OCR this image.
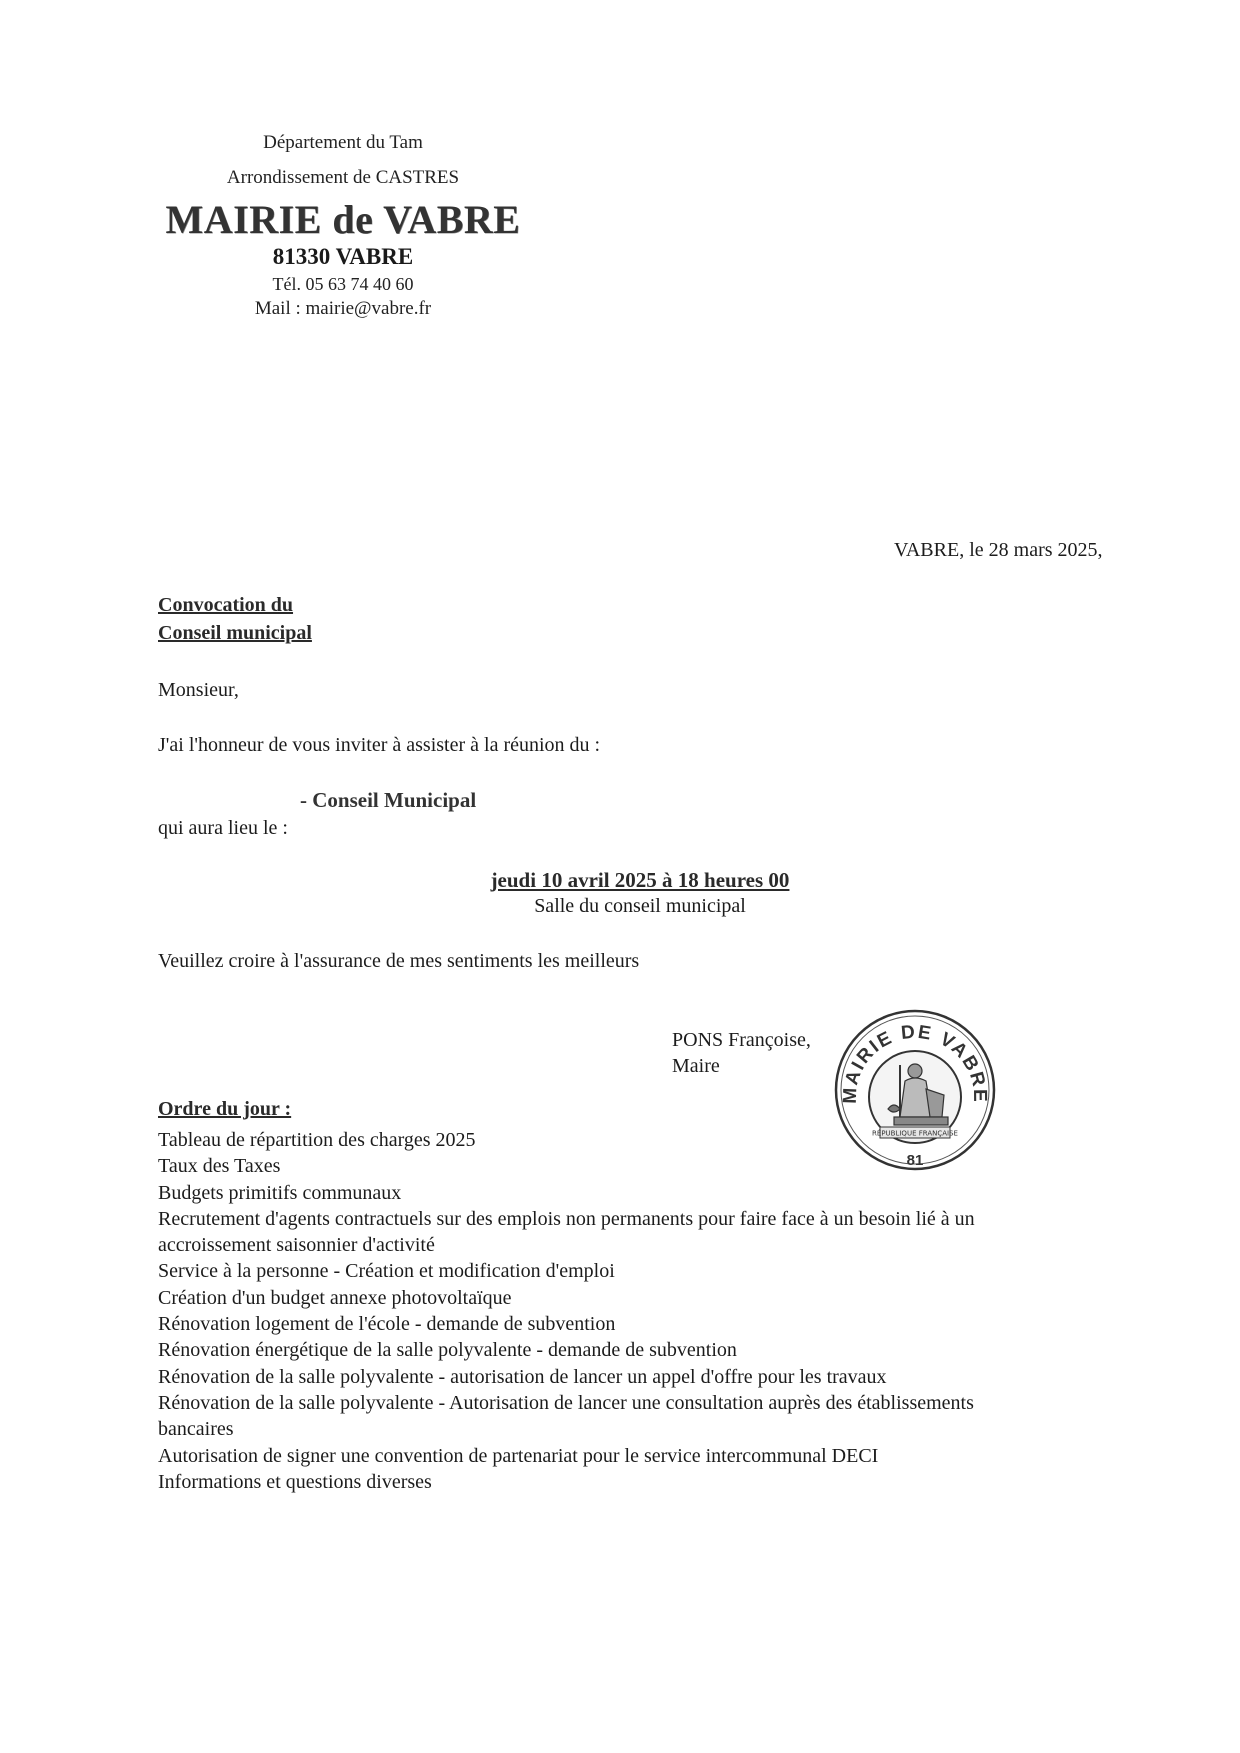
Département du Tam
Arrondissement de CASTRES
MAIRIE de VABRE
81330 VABRE
Tél. 05 63 74 40 60
Mail : mairie@vabre.fr
VABRE, le 28 mars 2025,
Convocation du
Conseil municipal
Monsieur,
J'ai l'honneur de vous inviter à assister à la réunion du :
- Conseil Municipal
qui aura lieu le :
jeudi 10 avril 2025 à 18 heures 00
Salle du conseil municipal
Veuillez croire à l'assurance de mes sentiments les meilleurs
PONS Françoise,
Maire
MAIRIE DE VABRE
RÉPUBLIQUE FRANÇAISE
81
Ordre du jour :
Tableau de répartition des charges 2025
Taux des Taxes
Budgets primitifs communaux
Recrutement d'agents contractuels sur des emplois non permanents pour faire face à un besoin lié à un
accroissement saisonnier d'activité
Service à la personne - Création et modification d'emploi
Création d'un budget annexe photovoltaïque
Rénovation logement de l'école - demande de subvention
Rénovation énergétique de la salle polyvalente - demande de subvention
Rénovation de la salle polyvalente - autorisation de lancer un appel d'offre pour les travaux
Rénovation de la salle polyvalente - Autorisation de lancer une consultation auprès des établissements
bancaires
Autorisation de signer une convention de partenariat pour le service intercommunal DECI
Informations et questions diverses
